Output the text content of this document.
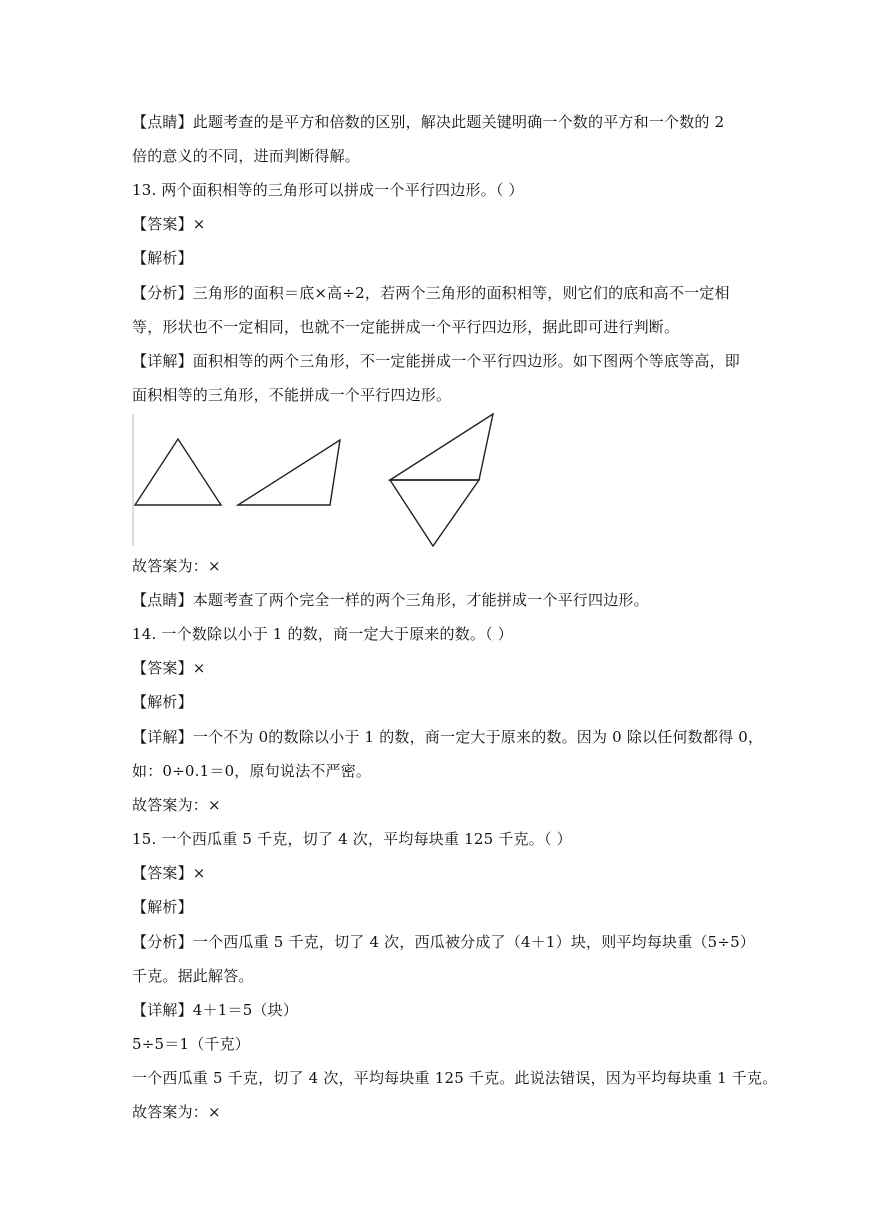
【点睛】此题考查的是平方和倍数的区别，解决此题关键明确一个数的平方和一个数的 2
倍的意义的不同，进而判断得解。
13. 两个面积相等的三角形可以拼成一个平行四边形。（ ）
【答案】×
【解析】
【分析】三角形的面积＝底×高÷2，若两个三角形的面积相等，则它们的底和高不一定相
等，形状也不一定相同，也就不一定能拼成一个平行四边形，据此即可进行判断。
【详解】面积相等的两个三角形，不一定能拼成一个平行四边形。如下图两个等底等高，即
面积相等的三角形，不能拼成一个平行四边形。
故答案为：×
【点睛】本题考查了两个完全一样的两个三角形，才能拼成一个平行四边形。
14. 一个数除以小于 1 的数，商一定大于原来的数。（ ）
【答案】×
【解析】
【详解】一个不为 0的数除以小于 1 的数，商一定大于原来的数。因为 0 除以任何数都得 0，
如：0÷0.1＝0，原句说法不严密。
故答案为：×
15. 一个西瓜重 5 千克，切了 4 次，平均每块重 125 千克。（ ）
【答案】×
【解析】
【分析】一个西瓜重 5 千克，切了 4 次，西瓜被分成了（4＋1）块，则平均每块重（5÷5）
千克。据此解答。
【详解】4＋1＝5（块）
5÷5＝1（千克）
一个西瓜重 5 千克，切了 4 次，平均每块重 125 千克。此说法错误，因为平均每块重 1 千克。
故答案为：×
